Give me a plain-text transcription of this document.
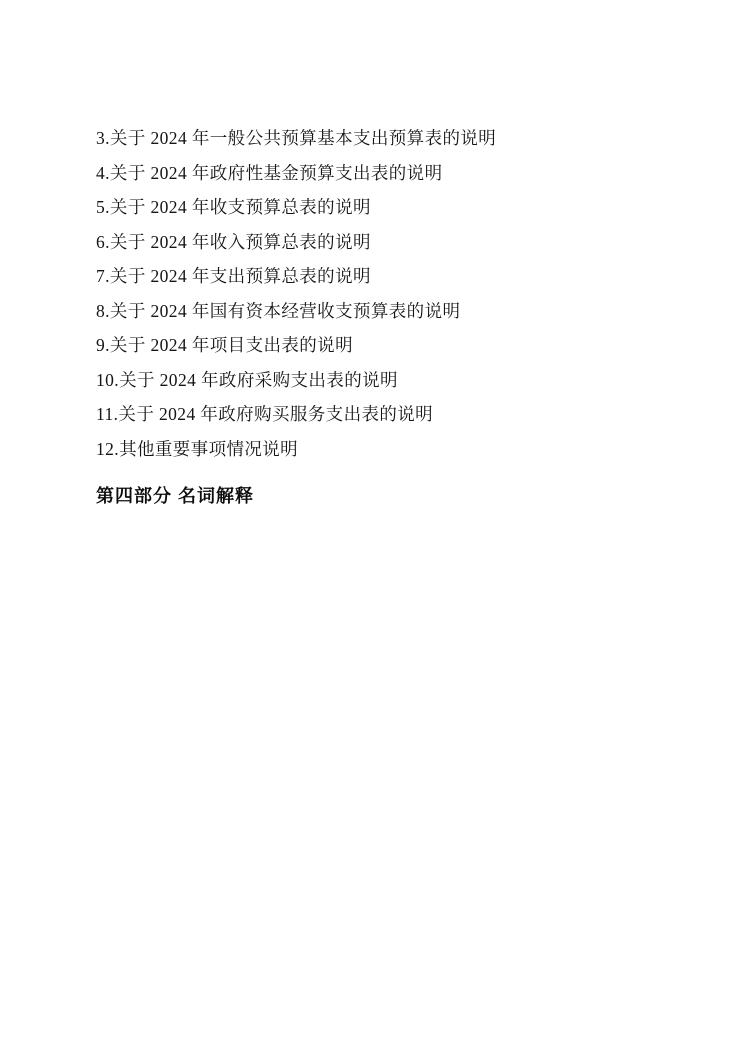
3.关于 2024 年一般公共预算基本支出预算表的说明
4.关于 2024 年政府性基金预算支出表的说明
5.关于 2024 年收支预算总表的说明
6.关于 2024 年收入预算总表的说明
7.关于 2024 年支出预算总表的说明
8.关于 2024 年国有资本经营收支预算表的说明
9.关于 2024 年项目支出表的说明
10.关于 2024 年政府采购支出表的说明
11.关于 2024 年政府购买服务支出表的说明
12.其他重要事项情况说明
第四部分 名词解释
